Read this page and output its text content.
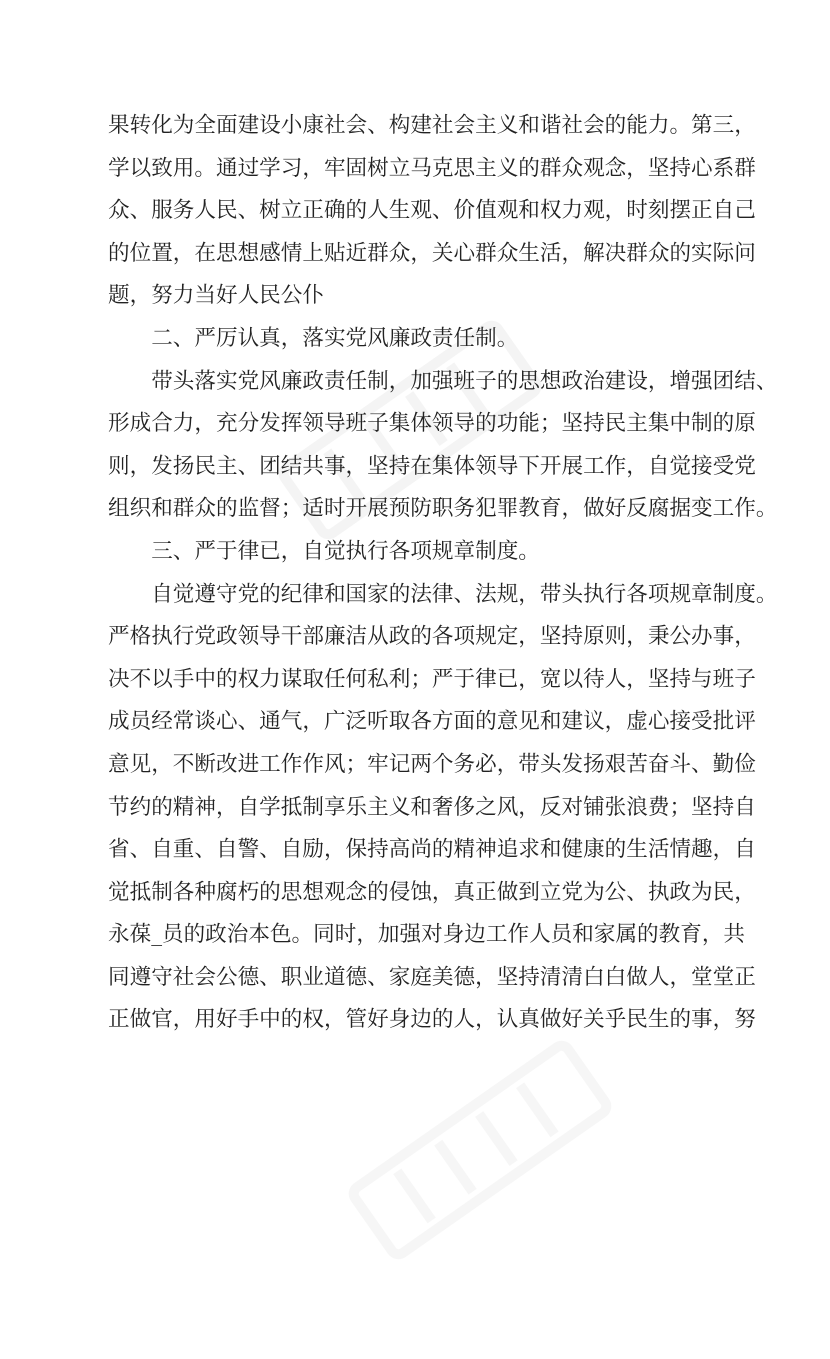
果转化为全面建设小康社会、构建社会主义和谐社会的能力。第三，
学以致用。通过学习，牢固树立马克思主义的群众观念，坚持心系群
众、服务人民、树立正确的人生观、价值观和权力观，时刻摆正自己
的位置，在思想感情上贴近群众，关心群众生活，解决群众的实际问
题，努力当好人民公仆
二、严厉认真，落实党风廉政责任制。
带头落实党风廉政责任制，加强班子的思想政治建设，增强团结、
形成合力，充分发挥领导班子集体领导的功能；坚持民主集中制的原
则，发扬民主、团结共事，坚持在集体领导下开展工作，自觉接受党
组织和群众的监督；适时开展预防职务犯罪教育，做好反腐据变工作。
三、严于律已，自觉执行各项规章制度。
自觉遵守党的纪律和国家的法律、法规，带头执行各项规章制度。
严格执行党政领导干部廉洁从政的各项规定，坚持原则，秉公办事，
决不以手中的权力谋取任何私利；严于律已，宽以待人，坚持与班子
成员经常谈心、通气，广泛听取各方面的意见和建议，虚心接受批评
意见，不断改进工作作风；牢记两个务必，带头发扬艰苦奋斗、勤俭
节约的精神，自学抵制享乐主义和奢侈之风，反对铺张浪费；坚持自
省、自重、自警、自励，保持高尚的精神追求和健康的生活情趣，自
觉抵制各种腐朽的思想观念的侵蚀，真正做到立党为公、执政为民，
永葆_员的政治本色。同时，加强对身边工作人员和家属的教育，共
同遵守社会公德、职业道德、家庭美德，坚持清清白白做人，堂堂正
正做官，用好手中的权，管好身边的人，认真做好关乎民生的事，努
